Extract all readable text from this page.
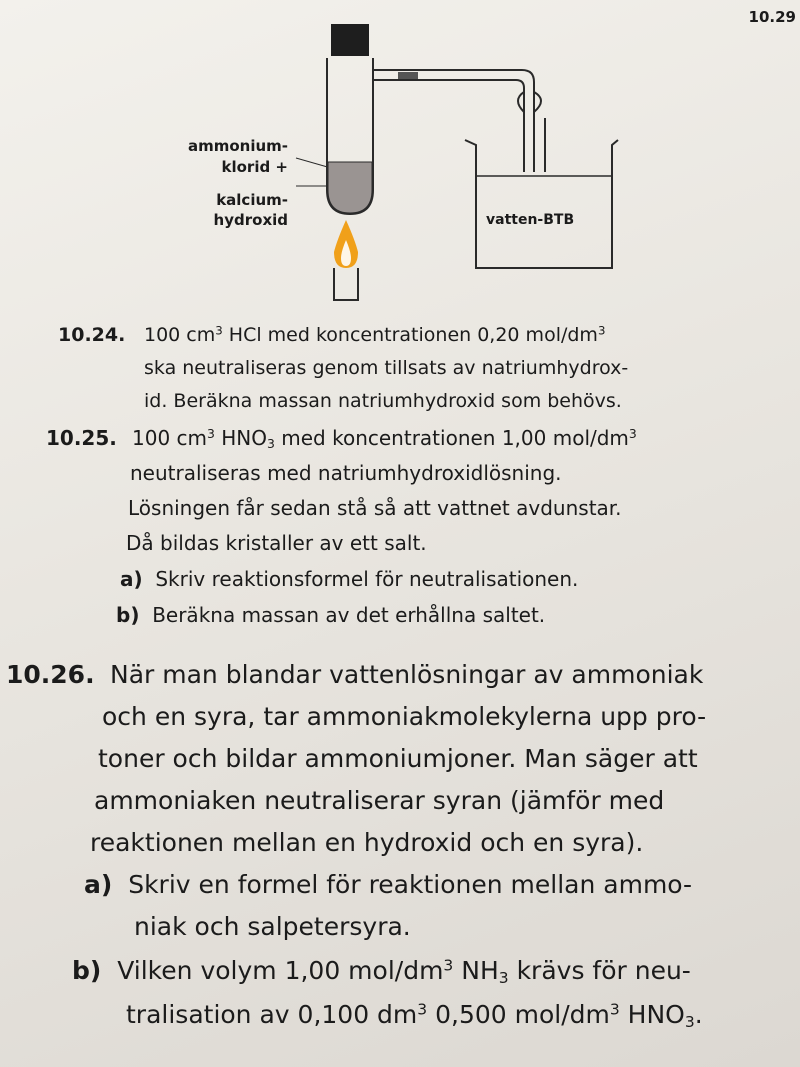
10.29
ammonium-
klorid +
kalcium-
hydroxid	vatten-BTB
10.24. 100 $cm^3$ HCl med koncentrationen 0,20 mol/$dm^3$
ska neutraliseras genom tillsats av natriumhydrox-
id. Beräkna massan natriumhydroxid som behövs.
10.25. 100 $cm^3$ $HNO_3$ med koncentrationen 1,00 mol/$dm^3$
neutraliseras med natriumhydroxidlösning.
Lösningen får sedan stå så att vattnet avdunstar.
Då bildas kristaller av ett salt.
a) Skriv reaktionsformel för neutralisationen.
b) Beräkna massan av det erhållna saltet.
10.26. När man blandar vattenlösningar av ammoniak
och en syra, tar ammoniakmolekylerna upp pro-
toner och bildar ammoniumjoner. Man säger att
ammoniaken neutraliserar syran (jämför med
reaktionen mellan en hydroxid och en syra).
a) Skriv en formel för reaktionen mellan ammo-
niak och salpetersyra.
b) Vilken volym 1,00 mol/$dm^3$ $NH_3$ krävs för neu-
tralisation av 0,100 $dm^3$ 0,500 mol/$dm^3$ $HNO_3$.
